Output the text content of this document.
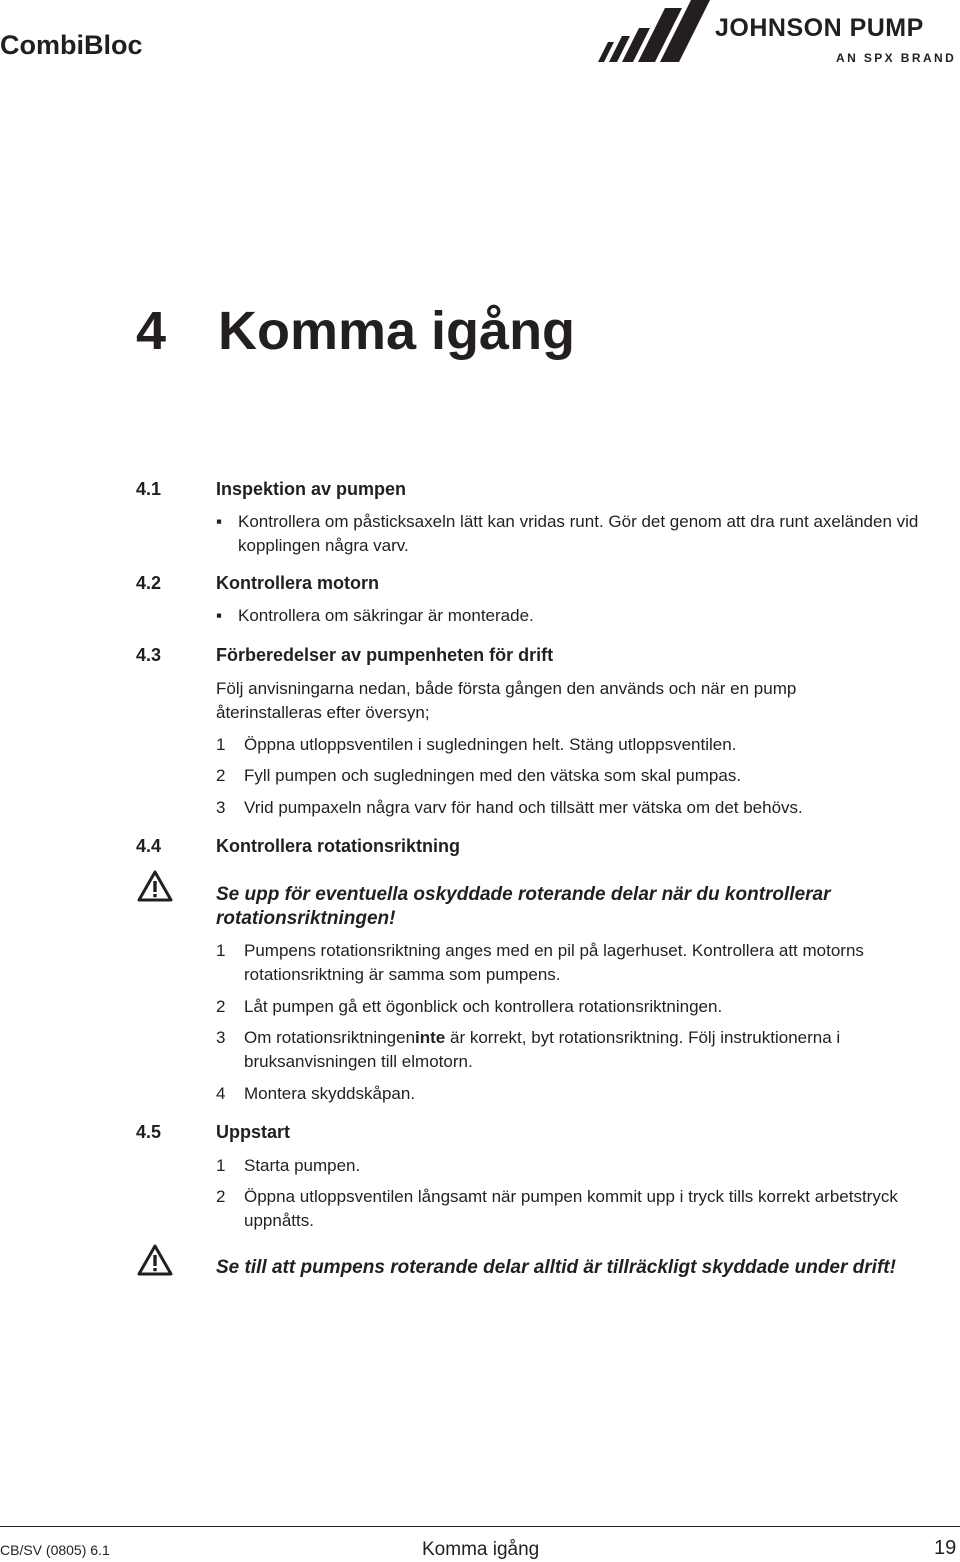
CombiBloc
JOHNSON PUMP
AN SPX BRAND
4 Komma igång
4.1	Inspektion av pumpen
▪ Kontrollera om påsticksaxeln lätt kan vridas runt. Gör det genom att dra runt axeländen vid kopplingen några varv.
4.2	Kontrollera motorn
▪ Kontrollera om säkringar är monterade.
4.3	Förberedelser av pumpenheten för drift
Följ anvisningarna nedan, både första gången den används och när en pump återinstalleras efter översyn;
1 Öppna utloppsventilen i sugledningen helt. Stäng utloppsventilen.
2 Fyll pumpen och sugledningen med den vätska som skal pumpas.
3 Vrid pumpaxeln några varv för hand och tillsätt mer vätska om det behövs.
4.4	Kontrollera rotationsriktning
Se upp för eventuella oskyddade roterande delar när du kontrollerar rotationsriktningen!
1 Pumpens rotationsriktning anges med en pil på lagerhuset. Kontrollera att motorns rotationsriktning är samma som pumpens.
2 Låt pumpen gå ett ögonblick och kontrollera rotationsriktningen.
3 Om rotationsriktningeninte är korrekt, byt rotationsriktning. Följ instruktionerna i bruksanvisningen till elmotorn.
4 Montera skyddskåpan.
4.5	Uppstart
1 Starta pumpen.
2 Öppna utloppsventilen långsamt när pumpen kommit upp i tryck tills korrekt arbetstryck uppnåtts.
Se till att pumpens roterande delar alltid är tillräckligt skyddade under drift!
CB/SV (0805) 6.1	Komma igång	19
